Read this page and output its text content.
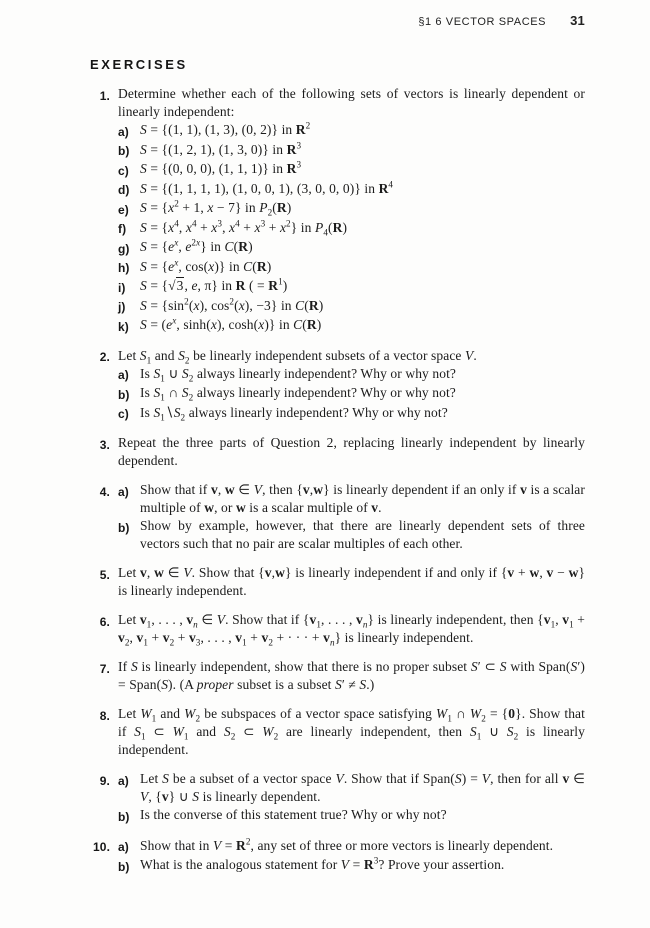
§1 6 VECTOR SPACES 31
EXERCISES
1. Determine whether each of the following sets of vectors is linearly dependent or linearly independent:
a) S = {(1, 1), (1, 3), (0, 2)} in $R^2$
b) S = {(1, 2, 1), (1, 3, 0)} in $R^3$
c) S = {(0, 0, 0), (1, 1, 1)} in $R^3$
d) S = {(1, 1, 1, 1), (1, 0, 0, 1), (3, 0, 0, 0)} in $R^4$
e) $S = \{x^2 + 1$, x − 7} in $P_2(R)$
f)	$S = \{x^4$, $x^4 + x^3$, $x^4 + x^3 + x^2$} in $P_4(R)$
g) $S = \{e^x$, $e^{2x}$} in C(R)
h) $S = \{e^x$, cos(x)} in C(R)
i)	S = {√3, e, π} in R ( = $R^1$)
j)	$S = \{\sin^2(x)$, $\cos^2(x)$, −3} in C(R)
k) $S = (e^x$, sinh(x), cosh(x)} in C(R)
2. Let $S_1$ and $S_2$ be linearly independent subsets of a vector space V.
a) Is $S_1$ ∪ $S_2$ always linearly independent? Why or why not?
b) Is $S_1$ ∩ $S_2$ always linearly independent? Why or why not?
c) Is $S_1∖S_2$ always linearly independent? Why or why not?
3. Repeat the three parts of Question 2, replacing linearly independent by linearly dependent.
4. a) Show that if v, w ∈ V, then {v,w} is linearly dependent if an only if v is a scalar multiple of w, or w is a scalar multiple of v.
b) Show by example, however, that there are linearly dependent sets of three vectors such that no pair are scalar multiples of each other.
5. Let v, w ∈ V. Show that {v,w} is linearly independent if and only if {v + w, v − w} is linearly independent.
6. Let $v_1$, . . . , $v_n$ ∈ V. Show that if {$v_1$, . . . , $v_n$} is linearly independent, then {$v_1$, $v_1 + v_2$, $v_1 + v_2 + v_3$, . . . , $v_1 + v_2$ + · · · + $v_n$} is linearly independent.
7. If S is linearly independent, show that there is no proper subset S′ ⊂ S with Span(S′) = Span(S). (A proper subset is a subset S′ ≠ S.)
8. Let $W_1$ and $W_2$ be subspaces of a vector space satisfying $W_1$ ∩ $W_2 = \{0\}$. Show that if $S_1$ ⊂ $W_1$ and $S_2$ ⊂ $W_2$ are linearly independent, then $S_1$ ∪ $S_2$ is linearly independent.
9. a) Let S be a subset of a vector space V. Show that if Span(S) = V, then for all v ∈ V, {v} ∪ S is linearly dependent.
b) Is the converse of this statement true? Why or why not?
10. a) Show that in $V = R^2$, any set of three or more vectors is linearly dependent.
b) What is the analogous statement for $V = R^3$? Prove your assertion.
